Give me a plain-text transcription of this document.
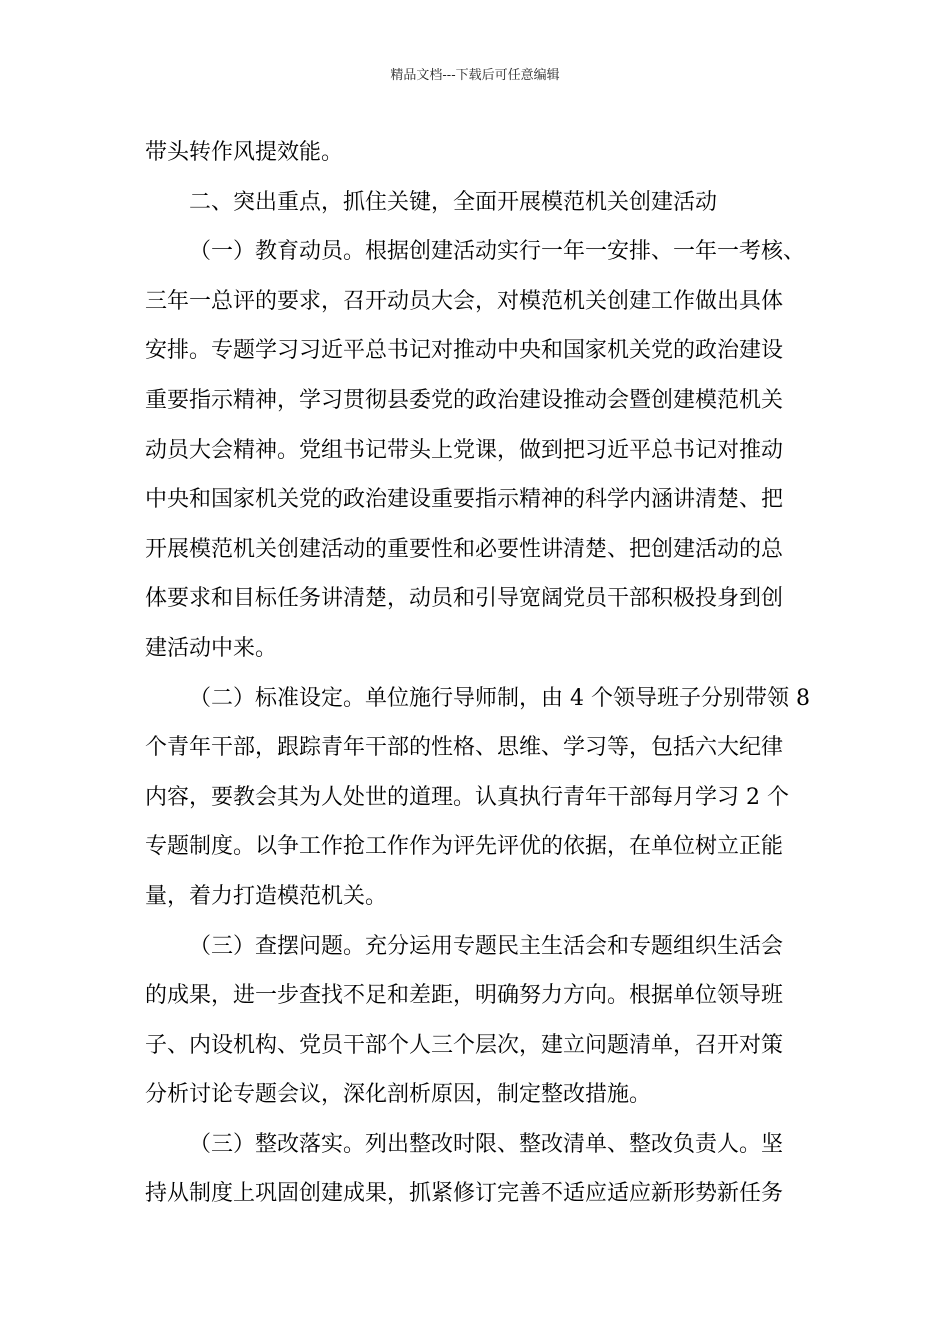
精品文档---下载后可任意编辑
带头转作风提效能。
二、突出重点，抓住关键，全面开展模范机关创建活动
（一）教育动员。根据创建活动实行一年一安排、一年一考核、
三年一总评的要求，召开动员大会，对模范机关创建工作做出具体
安排。专题学习习近平总书记对推动中央和国家机关党的政治建设
重要指示精神，学习贯彻县委党的政治建设推动会暨创建模范机关
动员大会精神。党组书记带头上党课，做到把习近平总书记对推动
中央和国家机关党的政治建设重要指示精神的科学内涵讲清楚、把
开展模范机关创建活动的重要性和必要性讲清楚、把创建活动的总
体要求和目标任务讲清楚，动员和引导宽阔党员干部积极投身到创
建活动中来。
（二）标准设定。单位施行导师制，由 4 个领导班子分别带领 8
个青年干部，跟踪青年干部的性格、思维、学习等，包括六大纪律
内容，要教会其为人处世的道理。认真执行青年干部每月学习 2 个
专题制度。以争工作抢工作作为评先评优的依据，在单位树立正能
量，着力打造模范机关。
（三）查摆问题。充分运用专题民主生活会和专题组织生活会
的成果，进一步查找不足和差距，明确努力方向。根据单位领导班
子、内设机构、党员干部个人三个层次，建立问题清单，召开对策
分析讨论专题会议，深化剖析原因，制定整改措施。
（三）整改落实。列出整改时限、整改清单、整改负责人。坚
持从制度上巩固创建成果，抓紧修订完善不适应适应新形势新任务
